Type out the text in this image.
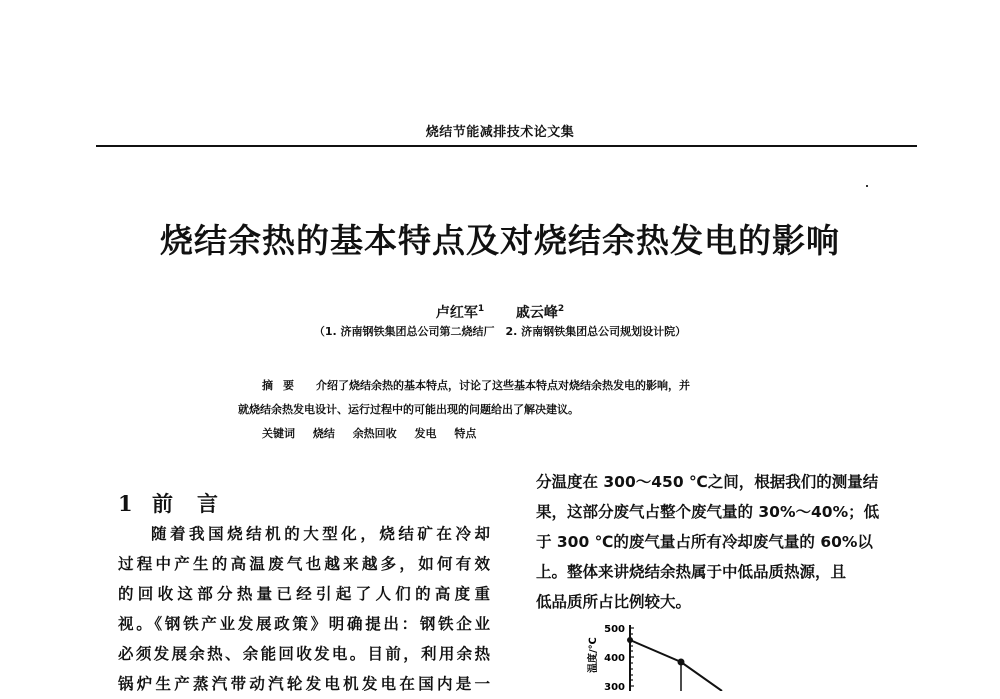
烧结节能减排技术论文集
烧结余热的基本特点及对烧结余热发电的影响
卢红军$^1$ 戚云峰$^2$
（1. 济南钢铁集团总公司第二烧结厂　2. 济南钢铁集团总公司规划设计院）
摘要 介绍了烧结余热的基本特点，讨论了这些基本特点对烧结余热发电的影响，并
就烧结余热发电设计、运行过程中的可能出现的问题给出了解决建议。
关键词 烧结 余热回收 发电 特点
1 前言
随着我国烧结机的大型化，烧结矿在冷却
过程中产生的高温废气也越来越多，如何有效
的回收这部分热量已经引起了人们的高度重
视。《钢铁产业发展政策》明确提出：钢铁企业
必须发展余热、余能回收发电。目前，利用余热
锅炉生产蒸汽带动汽轮发电机发电在国内是一
分温度在 300～450 ℃之间，根据我们的测量结
果，这部分废气占整个废气量的 30%～40%；低
于 300 ℃的废气量占所有冷却废气量的 60%以
上。整体来讲烧结余热属于中低品质热源，且
低品质所占比例较大。
500
400
300
温度/℃
